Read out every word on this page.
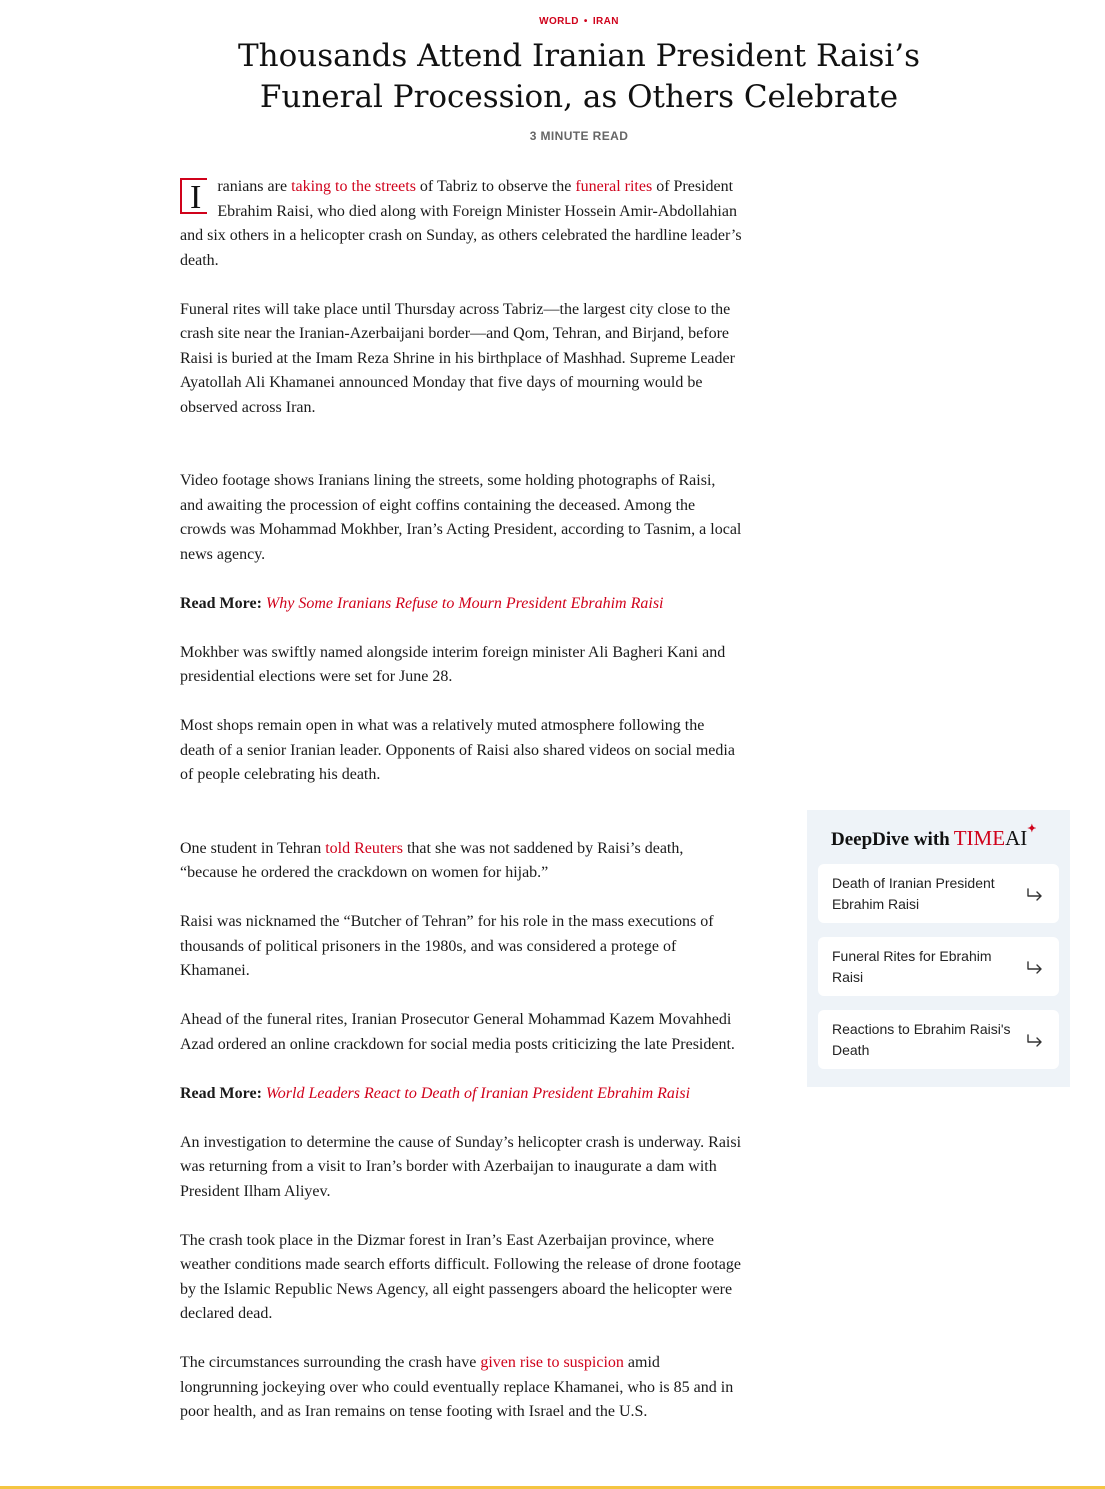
WORLD • IRAN
Thousands Attend Iranian President Raisi’s Funeral Procession, as Others Celebrate
3 MINUTE READ

I	ranians are taking to the streets of Tabriz to observe the funeral rites of President Ebrahim Raisi, who died along with Foreign Minister Hossein Amir-Abdollahian and six others in a helicopter crash on Sunday, as others celebrated the hardline leader’s death.

Funeral rites will take place until Thursday across Tabriz—the largest city close to the crash site near the Iranian-Azerbaijani border—and Qom, Tehran, and Birjand, before Raisi is buried at the Imam Reza Shrine in his birthplace of Mashhad. Supreme Leader Ayatollah Ali Khamanei announced Monday that five days of mourning would be observed across Iran.

Video footage shows Iranians lining the streets, some holding photographs of Raisi, and awaiting the procession of eight coffins containing the deceased. Among the crowds was Mohammad Mokhber, Iran’s Acting President, according to Tasnim, a local news agency.

Read More: Why Some Iranians Refuse to Mourn President Ebrahim Raisi

Mokhber was swiftly named alongside interim foreign minister Ali Bagheri Kani and presidential elections were set for June 28.

Most shops remain open in what was a relatively muted atmosphere following the death of a senior Iranian leader. Opponents of Raisi also shared videos on social media of people celebrating his death.

One student in Tehran told Reuters that she was not saddened by Raisi’s death, “because he ordered the crackdown on women for hijab.”

Raisi was nicknamed the “Butcher of Tehran” for his role in the mass executions of thousands of political prisoners in the 1980s, and was considered a protege of Khamanei.

Ahead of the funeral rites, Iranian Prosecutor General Mohammad Kazem Movahhedi Azad ordered an online crackdown for social media posts criticizing the late President.

Read More: World Leaders React to Death of Iranian President Ebrahim Raisi

An investigation to determine the cause of Sunday’s helicopter crash is underway. Raisi was returning from a visit to Iran’s border with Azerbaijan to inaugurate a dam with President Ilham Aliyev.

The crash took place in the Dizmar forest in Iran’s East Azerbaijan province, where weather conditions made search efforts difficult. Following the release of drone footage by the Islamic Republic News Agency, all eight passengers aboard the helicopter were declared dead.

The circumstances surrounding the crash have given rise to suspicion amid longrunning jockeying over who could eventually replace Khamanei, who is 85 and in poor health, and as Iran remains on tense footing with Israel and the U.S.

DeepDive with TIMEAI✦
Death of Iranian President Ebrahim Raisi
Funeral Rites for Ebrahim Raisi
Reactions to Ebrahim Raisi's Death
